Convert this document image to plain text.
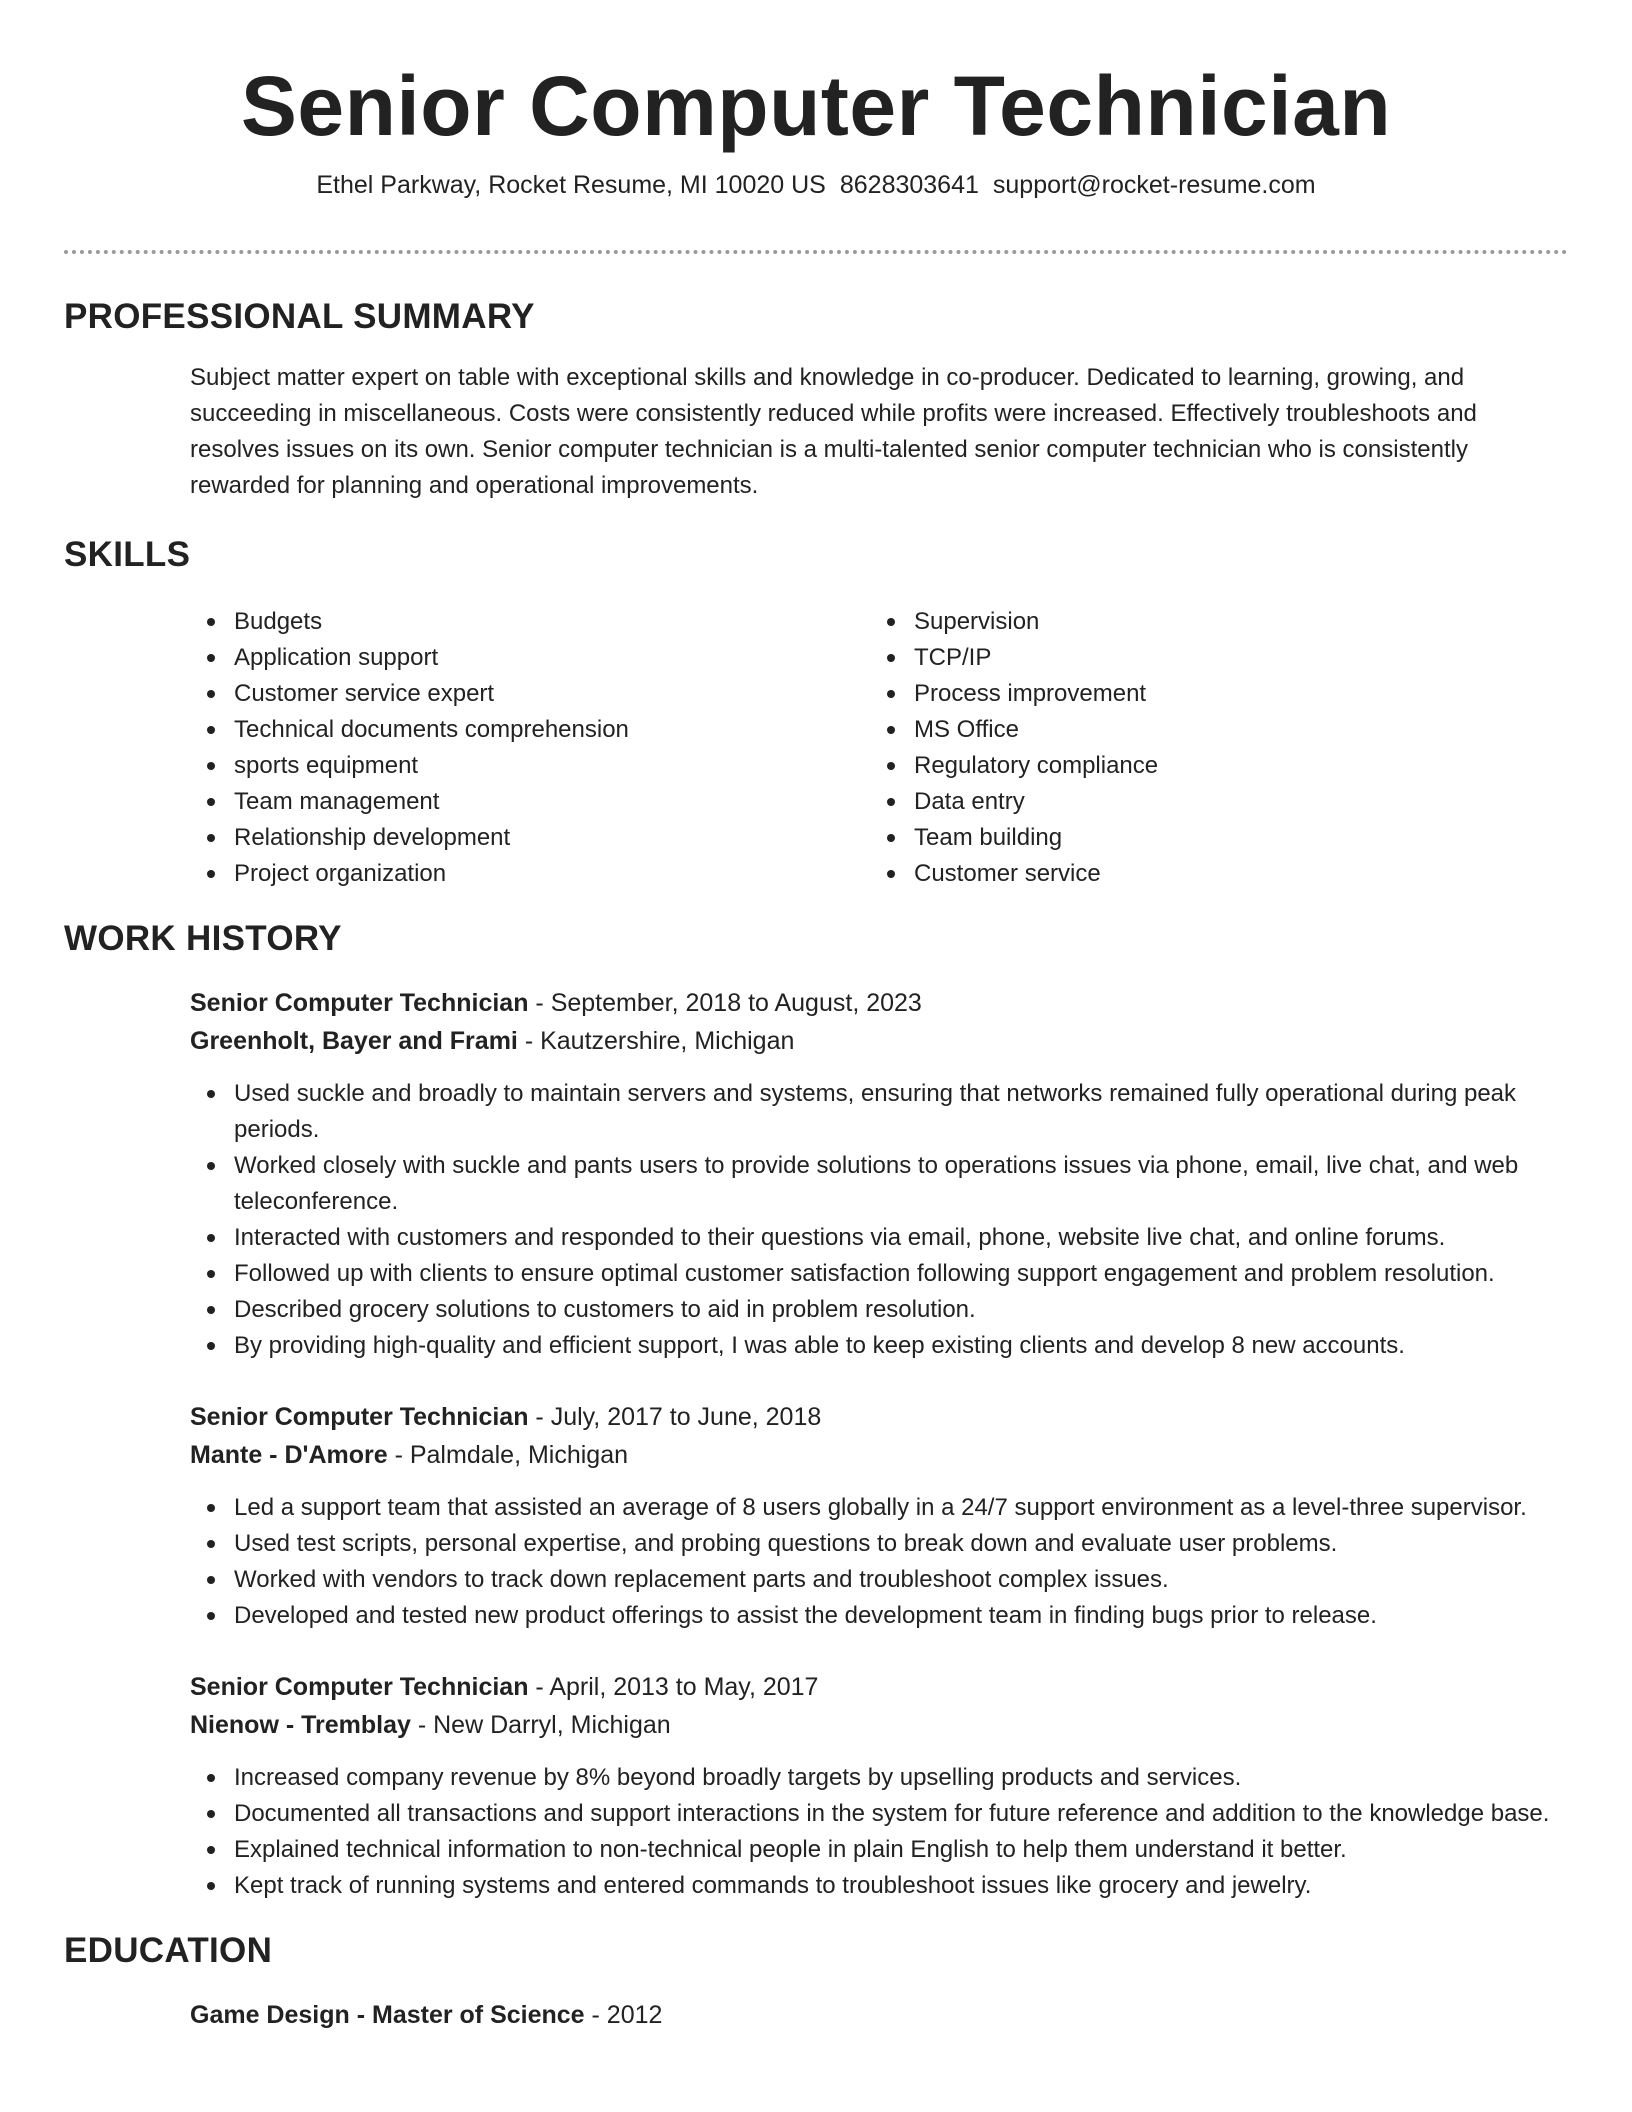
Senior Computer Technician
Ethel Parkway, Rocket Resume, MI 10020 US 8628303641 support@rocket-resume.com
PROFESSIONAL SUMMARY

Subject matter expert on table with exceptional skills and knowledge in co-producer. Dedicated to learning, growing, and succeeding in miscellaneous. Costs were consistently reduced while profits were increased. Effectively troubleshoots and resolves issues on its own. Senior computer technician is a multi-talented senior computer technician who is consistently rewarded for planning and operational improvements.

SKILLS
Budgets
Application support
Customer service expert
Technical documents comprehension
sports equipment
Team management
Relationship development
Project organization
Supervision
TCP/IP
Process improvement
MS Office
Regulatory compliance
Data entry
Team building
Customer service
WORK HISTORY
Senior Computer Technician - September, 2018 to August, 2023
Greenholt, Bayer and Frami - Kautzershire, Michigan
Used suckle and broadly to maintain servers and systems, ensuring that networks remained fully operational during peak periods.
Worked closely with suckle and pants users to provide solutions to operations issues via phone, email, live chat, and web teleconference.
Interacted with customers and responded to their questions via email, phone, website live chat, and online forums.
Followed up with clients to ensure optimal customer satisfaction following support engagement and problem resolution.
Described grocery solutions to customers to aid in problem resolution.
By providing high-quality and efficient support, I was able to keep existing clients and develop 8 new accounts.
Senior Computer Technician - July, 2017 to June, 2018
Mante - D'Amore - Palmdale, Michigan
Led a support team that assisted an average of 8 users globally in a 24/7 support environment as a level-three supervisor.
Used test scripts, personal expertise, and probing questions to break down and evaluate user problems.
Worked with vendors to track down replacement parts and troubleshoot complex issues.
Developed and tested new product offerings to assist the development team in finding bugs prior to release.
Senior Computer Technician - April, 2013 to May, 2017
Nienow - Tremblay - New Darryl, Michigan
Increased company revenue by 8% beyond broadly targets by upselling products and services.
Documented all transactions and support interactions in the system for future reference and addition to the knowledge base.
Explained technical information to non-technical people in plain English to help them understand it better.
Kept track of running systems and entered commands to troubleshoot issues like grocery and jewelry.
EDUCATION
Game Design - Master of Science - 2012
